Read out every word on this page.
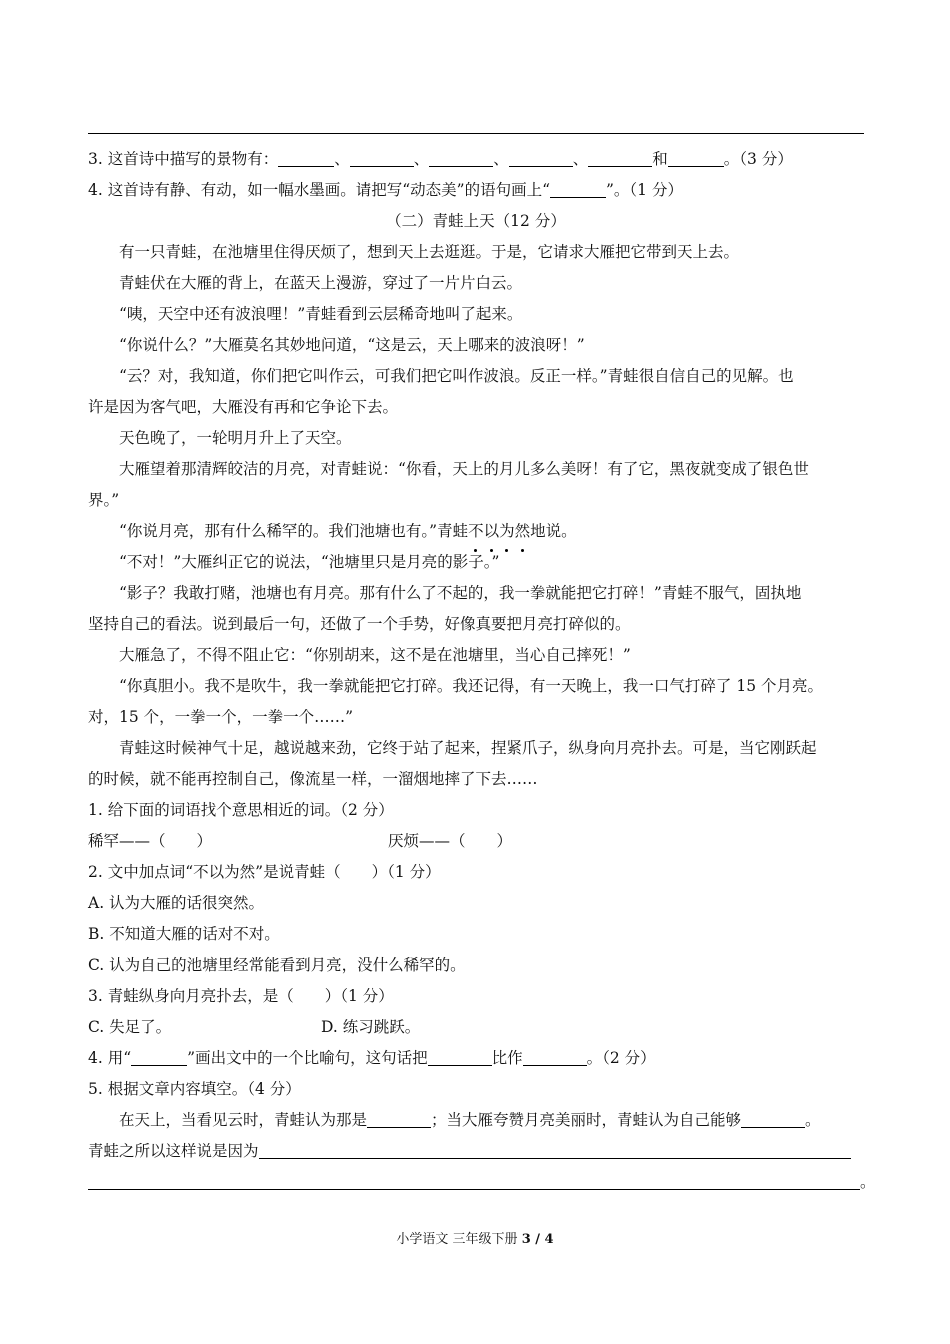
3. 这首诗中描写的景物有：	、	、	、	、	和	。（3 分）
4. 这首诗有静、有动，如一幅水墨画。请把写“动态美”的语句画上“	”。（1 分）
（二）青蛙上天（12 分）
有一只青蛙，在池塘里住得厌烦了，想到天上去逛逛。于是，它请求大雁把它带到天上去。
青蛙伏在大雁的背上，在蓝天上漫游，穿过了一片片白云。
“咦，天空中还有波浪哩！”青蛙看到云层稀奇地叫了起来。
“你说什么？”大雁莫名其妙地问道，“这是云，天上哪来的波浪呀！”
“云？对，我知道，你们把它叫作云，可我们把它叫作波浪。反正一样。”青蛙很自信自己的见解。也
许是因为客气吧，大雁没有再和它争论下去。
天色晚了，一轮明月升上了天空。
大雁望着那清辉皎洁的月亮，对青蛙说：“你看，天上的月儿多么美呀！有了它，黑夜就变成了银色世
界。”
“你说月亮，那有什么稀罕的。我们池塘也有。”青蛙不以为然地说。
“不对！”大雁纠正它的说法，“池塘里只是月亮的影子。”
“影子？我敢打赌，池塘也有月亮。那有什么了不起的，我一拳就能把它打碎！”青蛙不服气，固执地
坚持自己的看法。说到最后一句，还做了一个手势，好像真要把月亮打碎似的。
大雁急了，不得不阻止它：“你别胡来，这不是在池塘里，当心自己摔死！”
“你真胆小。我不是吹牛，我一拳就能把它打碎。我还记得，有一天晚上，我一口气打碎了 15 个月亮。
对，15 个，一拳一个，一拳一个……”
青蛙这时候神气十足，越说越来劲，它终于站了起来，捏紧爪子，纵身向月亮扑去。可是，当它刚跃起
的时候，就不能再控制自己，像流星一样，一溜烟地摔了下去……
1. 给下面的词语找个意思相近的词。（2 分）
稀罕——（　　）	厌烦——（　　）
2. 文中加点词“不以为然”是说青蛙（　　）（1 分）
A. 认为大雁的话很突然。
B. 不知道大雁的话对不对。
C. 认为自己的池塘里经常能看到月亮，没什么稀罕的。
3. 青蛙纵身向月亮扑去，是（　　）（1 分）
C. 失足了。	D. 练习跳跃。
4. 用“	”画出文中的一个比喻句，这句话把	比作	。（2 分）
5. 根据文章内容填空。（4 分）
在天上，当看见云时，青蛙认为那是	；当大雁夸赞月亮美丽时，青蛙认为自己能够	。
青蛙之所以这样说是因为
。
小学语文 三年级下册 3 / 4
